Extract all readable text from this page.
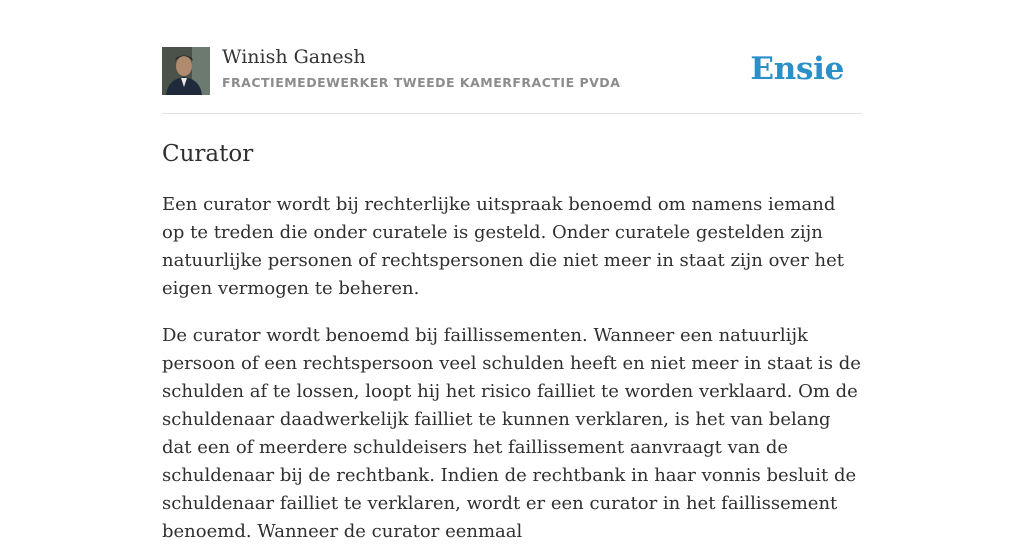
Winish Ganesh
FRACTIEMEDEWERKER TWEEDE KAMERFRACTIE PVDA	Ensie
Curator

Een curator wordt bij rechterlijke uitspraak benoemd om namens iemand op te treden die onder curatele is gesteld. Onder curatele gestelden zijn natuurlijke personen of rechtspersonen die niet meer in staat zijn over het eigen vermogen te beheren.

De curator wordt benoemd bij faillissementen. Wanneer een natuurlijk persoon of een rechtspersoon veel schulden heeft en niet meer in staat is de schulden af te lossen, loopt hij het risico failliet te worden verklaard. Om de schuldenaar daadwerkelijk failliet te kunnen verklaren, is het van belang dat een of meerdere schuldeisers het faillissement aanvraagt van de schuldenaar bij de rechtbank. Indien de rechtbank in haar vonnis besluit de schuldenaar failliet te verklaren, wordt er een curator in het faillissement benoemd. Wanneer de curator eenmaal
